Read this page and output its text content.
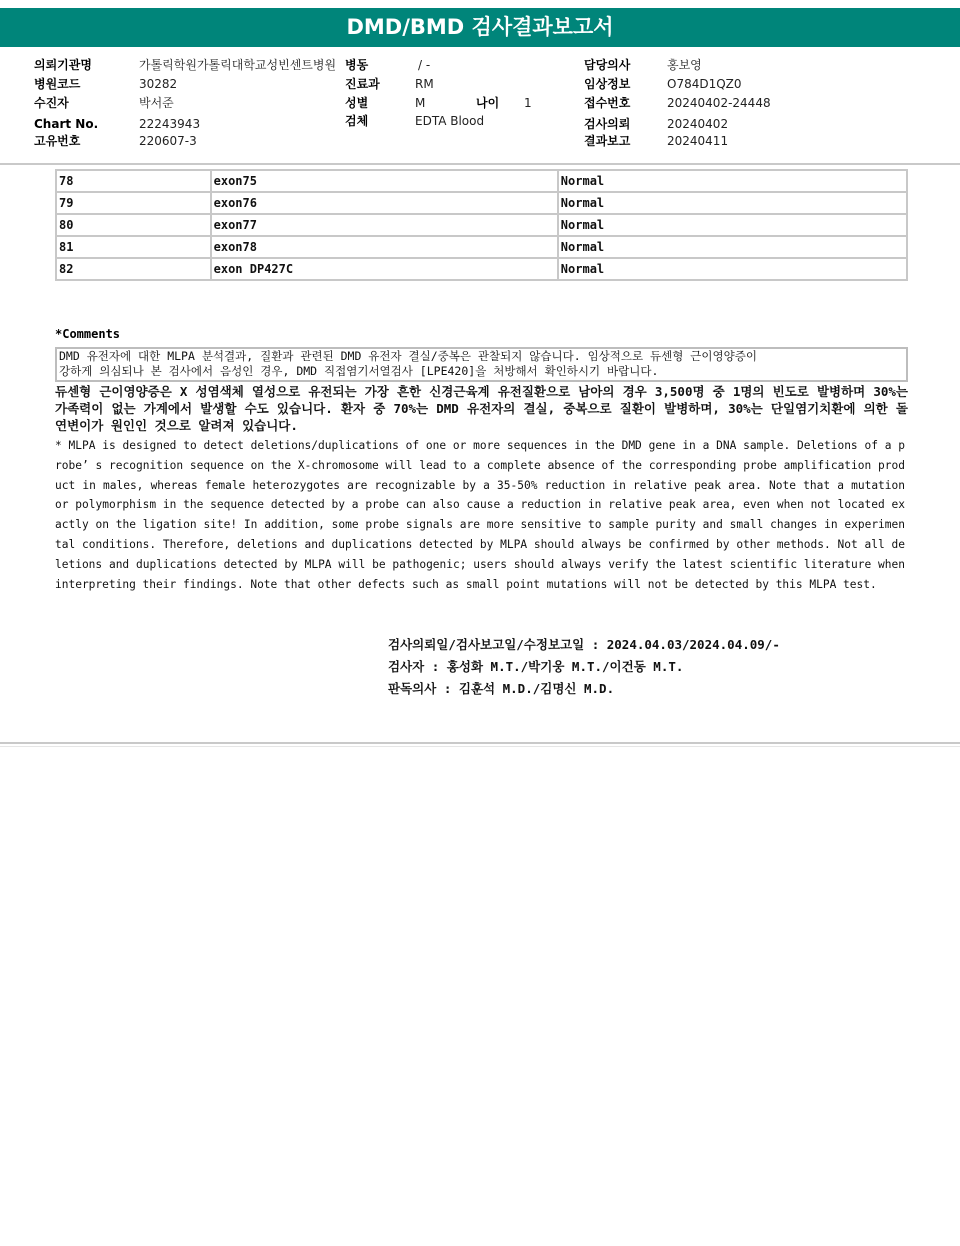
DMD/BMD 검사결과보고서
의뢰기관명	가톨릭학원가톨릭대학교성빈센트병원 병동	/ -	담당의사	홍보영
병원코드	30282	진료과	RM	임상정보	O784D1QZ0
수진자	박서준	성별	M	나이 1	접수번호	20240402-24448
Chart No.	22243943	검체	EDTA Blood	검사의뢰	20240402
고유번호	220607-3	결과보고	20240411
78	exon75	Normal
79	exon76	Normal
80	exon77	Normal
81	exon78	Normal
82	exon DP427C	Normal
*Comments
DMD 유전자에 대한 MLPA 분석결과, 질환과 관련된 DMD 유전자 결실/중복은 관찰되지 않습니다. 임상적으로 듀센형 근이영양증이
강하게 의심되나 본 검사에서 음성인 경우, DMD 직접염기서열검사 [LPE420]을 처방해서 확인하시기 바랍니다.
듀센형 근이영양증은 X 성염색체 열성으로 유전되는 가장 흔한 신경근육계 유전질환으로 남아의 경우 3,500명 중 1명의 빈도로 발병하며 30%는 가족력이 없는 가계에서 발생할 수도 있습니다. 환자 중 70%는 DMD 유전자의 결실, 중복으로 질환이 발병하며, 30%는 단일염기치환에 의한 돌연변이가 원인인 것으로 알려져 있습니다.
* MLPA is designed to detect deletions/duplications of one or more sequences in the DMD gene in a DNA sample. Deletions of a probe’ s recognition sequence on the X-chromosome will lead to a complete absence of the corresponding probe amplification product in males, whereas female heterozygotes are recognizable by a 35-50% reduction in relative peak area. Note that a mutation or polymorphism in the sequence detected by a probe can also cause a reduction in relative peak area, even when not located exactly on the ligation site! In addition, some probe signals are more sensitive to sample purity and small changes in experimental conditions. Therefore, deletions and duplications detected by MLPA should always be confirmed by other methods. Not all deletions and duplications detected by MLPA will be pathogenic; users should always verify the latest scientific literature when interpreting their findings. Note that other defects such as small point mutations will not be detected by this MLPA test.
검사의뢰일/검사보고일/수정보고일 : 2024.04.03/2024.04.09/-
검사자 : 홍성화 M.T./박기웅 M.T./이건동 M.T.
판독의사 : 김훈석 M.D./김명신 M.D.
